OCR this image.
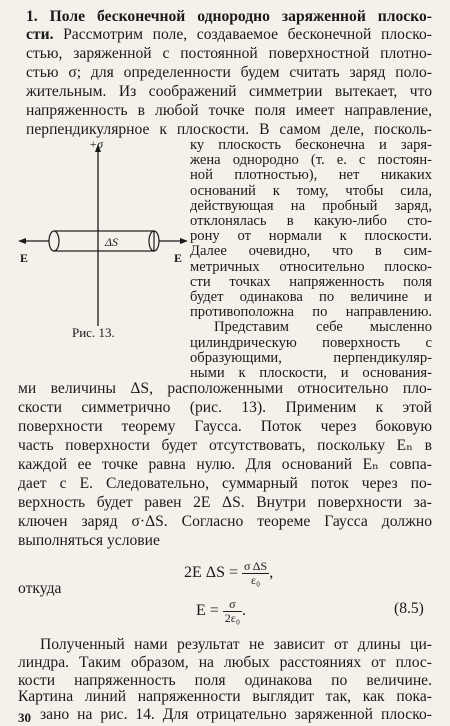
1. Поле бесконечной однородно заряженной плоско-
сти. Рассмотрим поле, создаваемое бесконечной плоско-
стью, заряженной с постоянной поверхностной плотно-
стью σ; для определенности будем считать заряд поло-
жительным. Из соображений симметрии вытекает, что
напряженность в любой точке поля имеет направление,
перпендикулярное к плоскости. В самом деле, посколь-
+σ
ΔS
E	E
Рис. 13.
ку плоскость бесконечна и заря-
жена однородно (т. е. с постоян-
ной плотностью), нет никаких
оснований к тому, чтобы сила,
действующая на пробный заряд,
отклонялась в какую-либо сто-
рону от нормали к плоскости.
Далее очевидно, что в сим-
метричных относительно плоско-
сти точках напряженность поля
будет одинакова по величине и
противоположна по направлению.
Представим себе мысленно
цилиндрическую поверхность с
образующими, перпендикуляр-
ными к плоскости, и основания-
ми величины ΔS, расположенными относительно пло-
скости симметрично (рис. 13). Применим к этой
поверхности теорему Гаусса. Поток через боковую
часть поверхности будет отсутствовать, поскольку Eₙ в
каждой ее точке равна нулю. Для оснований Eₙ совпа-
дает с E. Следовательно, суммарный поток через по-
верхность будет равен 2E ΔS. Внутри поверхности за-
ключен заряд σ·ΔS. Согласно теореме Гаусса должно
выполняться условие
2E $\Delta S = \frac{\text{σ ΔS}}{\text{ε₀}}$ ,
откуда
$E = \frac{\sigma}{\text{2ε₀}}$ .	(8.5)
Полученный нами результат не зависит от длины ци-
линдра. Таким образом, на любых расстояниях от плос-
кости напряженность поля одинакова по величине.
30
Картина линий напряженности выглядит так, как пока-
зано на рис. 14. Для отрицательно заряженной плоско-
